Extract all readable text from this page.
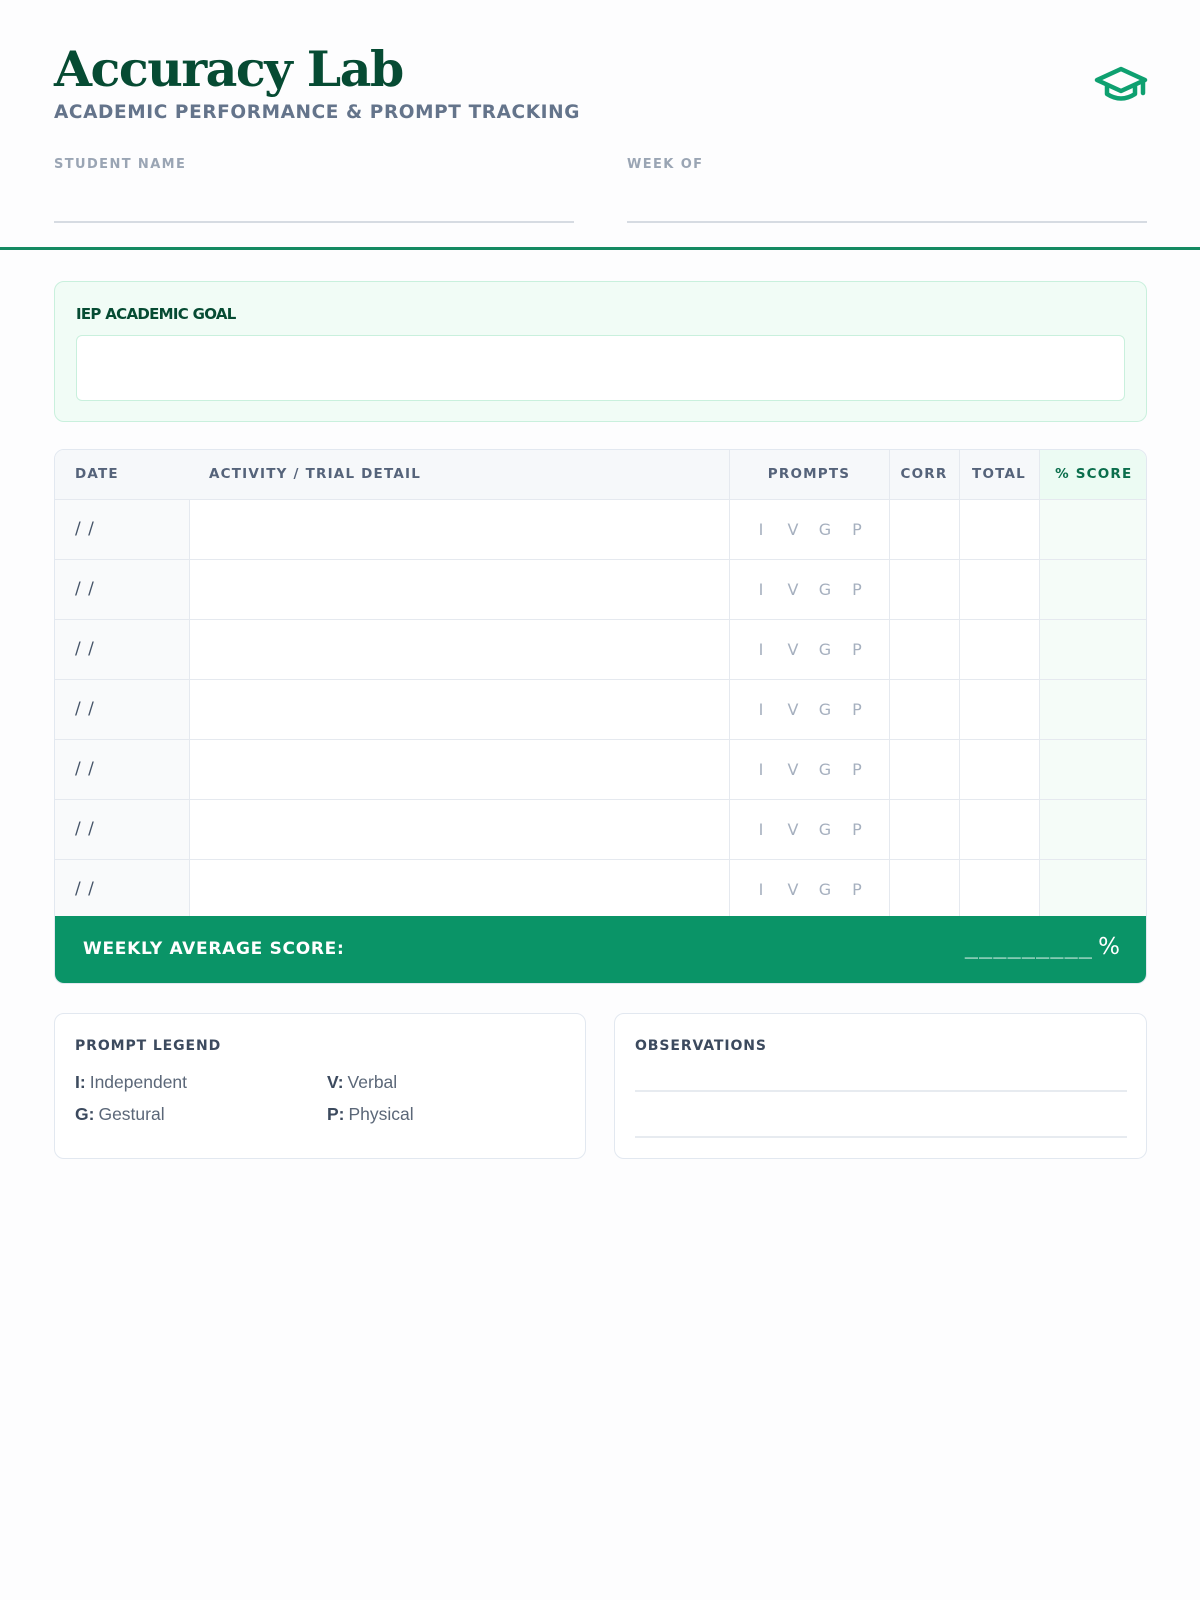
Accuracy Lab
ACADEMIC PERFORMANCE & PROMPT TRACKING
STUDENT NAME	WEEK OF
IEP ACADEMIC GOAL
DATE	ACTIVITY / TRIAL DETAIL	PROMPTS	CORR	TOTAL	% SCORE
/ /		I V G P			
/ /		I V G P			
/ /		I V G P			
/ /		I V G P			
/ /		I V G P			
/ /		I V G P			
/ /		I V G P			
WEEKLY AVERAGE SCORE:	_________ %
PROMPT LEGEND
I: Independent	V: Verbal
G: Gestural	P: Physical
OBSERVATIONS
